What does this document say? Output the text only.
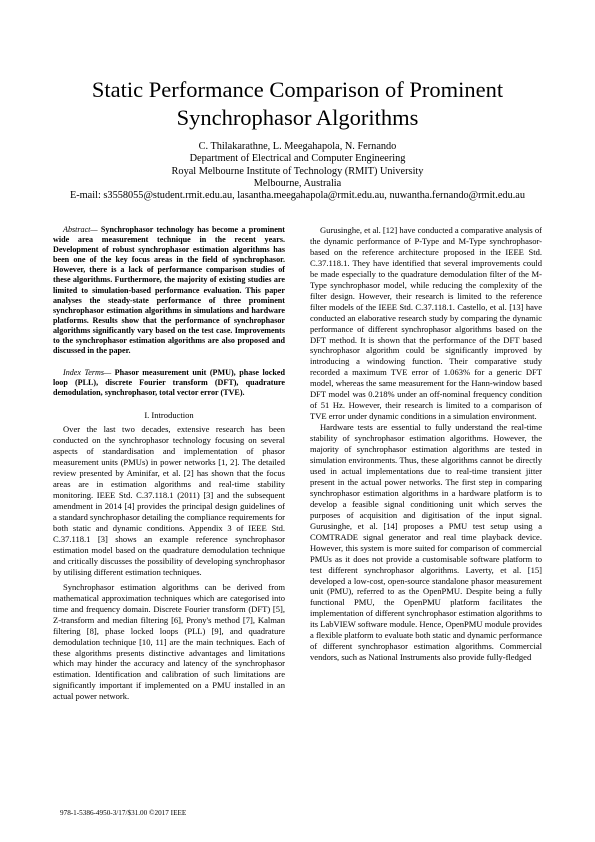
Static Performance Comparison of Prominent
Synchrophasor Algorithms
C. Thilakarathne, L. Meegahapola, N. Fernando
Department of Electrical and Computer Engineering
Royal Melbourne Institute of Technology (RMIT) University
Melbourne, Australia
E-mail: s3558055@student.rmit.edu.au, lasantha.meegahapola@rmit.edu.au, nuwantha.fernando@rmit.edu.au

Abstract— Synchrophasor technology has become a prominent wide area measurement technique in the recent years. Development of robust synchrophasor estimation algorithms has been one of the key focus areas in the field of synchrophasor. However, there is a lack of performance comparison studies of these algorithms. Furthermore, the majority of existing studies are limited to simulation-based performance evaluation. This paper analyses the steady-state performance of three prominent synchrophasor estimation algorithms in simulations and hardware platforms. Results show that the performance of synchrophasor algorithms significantly vary based on the test case. Improvements to the synchrophasor estimation algorithms are also proposed and discussed in the paper.

Index Terms— Phasor measurement unit (PMU), phase locked loop (PLL), discrete Fourier transform (DFT), quadrature demodulation, synchrophasor, total vector error (TVE).

I. Introduction

Over the last two decades, extensive research has been conducted on the synchrophasor technology focusing on several aspects of standardisation and implementation of phasor measurement units (PMUs) in power networks [1, 2]. The detailed review presented by Aminifar, et al. [2] has shown that the focus areas are in estimation algorithms and real-time stability monitoring. IEEE Std. C.37.118.1 (2011) [3] and the subsequent amendment in 2014 [4] provides the principal design guidelines of a standard synchrophasor detailing the compliance requirements for both static and dynamic conditions. Appendix 3 of IEEE Std. C.37.118.1 [3] shows an example reference synchrophasor estimation model based on the quadrature demodulation technique and critically discusses the possibility of developing synchrophasor by utilising different estimation techniques.

Synchrophasor estimation algorithms can be derived from mathematical approximation techniques which are categorised into time and frequency domain. Discrete Fourier transform (DFT) [5], Z-transform and median filtering [6], Prony's method [7], Kalman filtering [8], phase locked loops (PLL) [9], and quadrature demodulation technique [10, 11] are the main techniques. Each of these algorithms presents distinctive advantages and limitations which may hinder the accuracy and latency of the synchrophasor estimation. Identification and calibration of such limitations are significantly important if implemented on a PMU installed in an actual power network.

Gurusinghe, et al. [12] have conducted a comparative analysis of the dynamic performance of P-Type and M-Type synchrophasor-based on the reference architecture proposed in the IEEE Std. C.37.118.1. They have identified that several improvements could be made especially to the quadrature demodulation filter of the M-Type synchrophasor model, while reducing the complexity of the filter design. However, their research is limited to the reference filter models of the IEEE Std. C.37.118.1. Castello, et al. [13] have conducted an elaborative research study by comparing the dynamic performance of different synchrophasor algorithms based on the DFT method. It is shown that the performance of the DFT based synchrophasor algorithm could be significantly improved by introducing a windowing function. Their comparative study recorded a maximum TVE error of 1.063% for a generic DFT model, whereas the same measurement for the Hann-window based DFT model was 0.218% under an off-nominal frequency condition of 51 Hz. However, their research is limited to a comparison of TVE error under dynamic conditions in a simulation environment.

Hardware tests are essential to fully understand the real-time stability of synchrophasor estimation algorithms. However, the majority of synchrophasor estimation algorithms are tested in simulation environments. Thus, these algorithms cannot be directly used in actual implementations due to real-time transient jitter present in the actual power networks. The first step in comparing synchrophasor estimation algorithms in a hardware platform is to develop a feasible signal conditioning unit which serves the purposes of acquisition and digitisation of the input signal. Gurusinghe, et al. [14] proposes a PMU test setup using a COMTRADE signal generator and real time playback device. However, this system is more suited for comparison of commercial PMUs as it does not provide a customisable software platform to test different synchrophasor algorithms. Laverty, et al. [15] developed a low-cost, open-source standalone phasor measurement unit (PMU), referred to as the OpenPMU. Despite being a fully functional PMU, the OpenPMU platform facilitates the implementation of different synchrophasor estimation algorithms to its LabVIEW software module. Hence, OpenPMU module provides a flexible platform to evaluate both static and dynamic performance of different synchrophasor estimation algorithms. Commercial vendors, such as National Instruments also provide fully-fledged

978-1-5386-4950-3/17/$31.00 ©2017 IEEE
